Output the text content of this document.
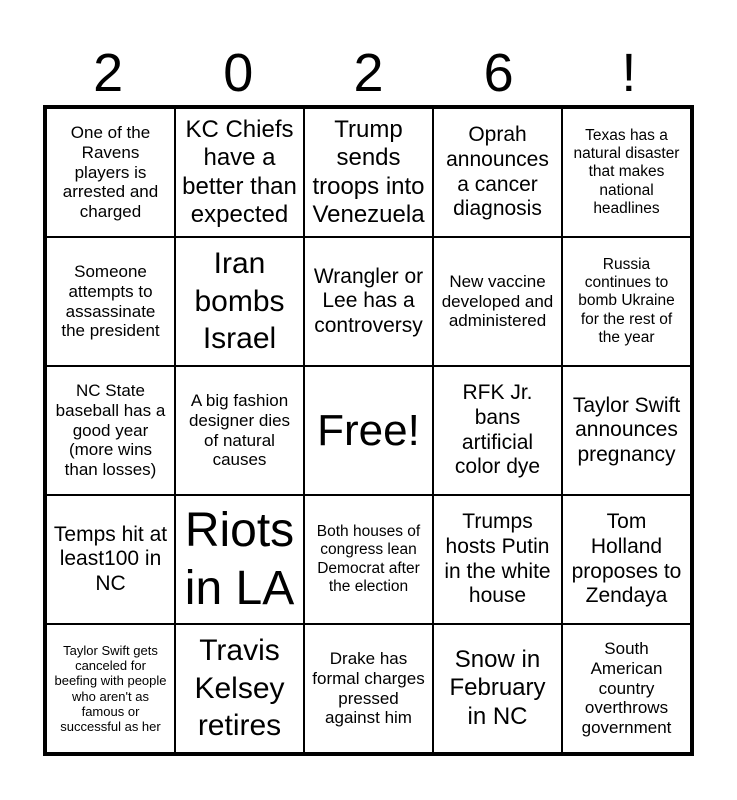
2	0	2	6	!
One of the Ravens players is arrested and charged
KC Chiefs have a better than expected
Trump sends troops into Venezuela
Oprah announces a cancer diagnosis
Texas has a natural disaster that makes national headlines
Someone attempts to assassinate the president
Iran bombs Israel
Wrangler or Lee has a controversy
New vaccine developed and administered
Russia continues to bomb Ukraine for the rest of the year
NC State baseball has a good year (more wins than losses)
A big fashion designer dies of natural causes
Free!
RFK Jr. bans artificial color dye
Taylor Swift announces pregnancy
Temps hit at least100 in NC
Riots in LA
Both houses of congress lean Democrat after the election
Trumps hosts Putin in the white house
Tom Holland proposes to Zendaya
Taylor Swift gets canceled for beefing with people who aren't as famous or successful as her
Travis Kelsey retires
Drake has formal charges pressed against him
Snow in February in NC
South American country overthrows government
